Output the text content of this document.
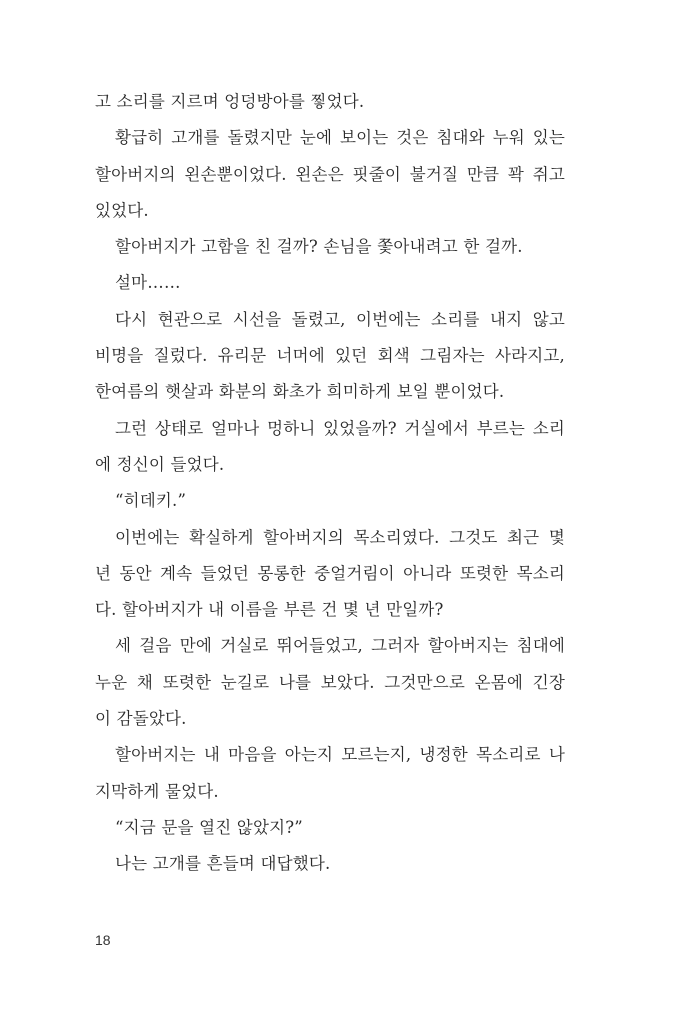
고 소리를 지르며 엉덩방아를 찧었다.
황급히 고개를 돌렸지만 눈에 보이는 것은 침대와 누워 있는
할아버지의 왼손뿐이었다. 왼손은 핏줄이 불거질 만큼 꽉 쥐고
있었다.
할아버지가 고함을 친 걸까? 손님을 쫓아내려고 한 걸까.
설마……
다시 현관으로 시선을 돌렸고, 이번에는 소리를 내지 않고
비명을 질렀다. 유리문 너머에 있던 회색 그림자는 사라지고,
한여름의 햇살과 화분의 화초가 희미하게 보일 뿐이었다.
그런 상태로 얼마나 멍하니 있었을까? 거실에서 부르는 소리
에 정신이 들었다.
“히데키.”
이번에는 확실하게 할아버지의 목소리였다. 그것도 최근 몇
년 동안 계속 들었던 몽롱한 중얼거림이 아니라 또렷한 목소리
다. 할아버지가 내 이름을 부른 건 몇 년 만일까?
세 걸음 만에 거실로 뛰어들었고, 그러자 할아버지는 침대에
누운 채 또렷한 눈길로 나를 보았다. 그것만으로 온몸에 긴장
이 감돌았다.
할아버지는 내 마음을 아는지 모르는지, 냉정한 목소리로 나
지막하게 물었다.
“지금 문을 열진 않았지?”
나는 고개를 흔들며 대답했다.
18
